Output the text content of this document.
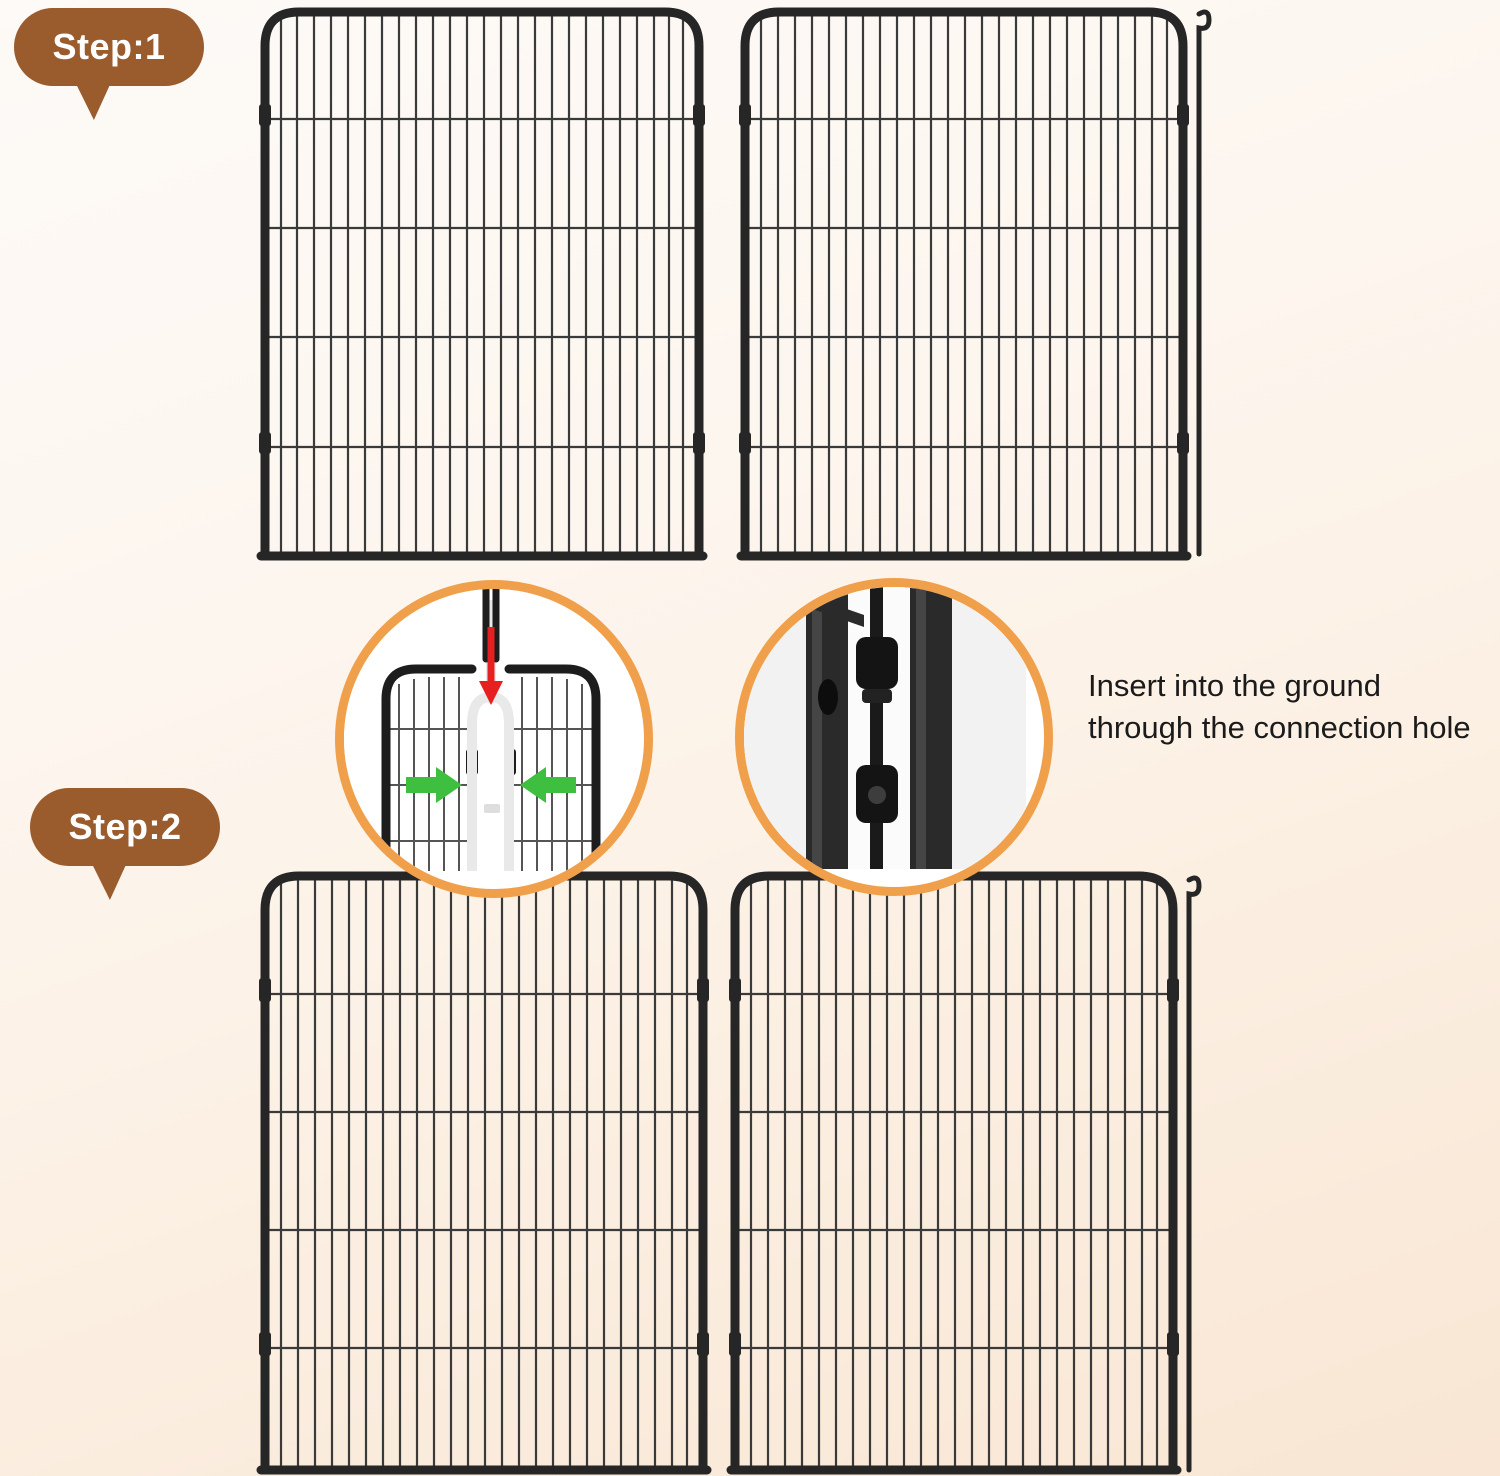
Step:1
Insert into the ground through the connection hole
Step:2
